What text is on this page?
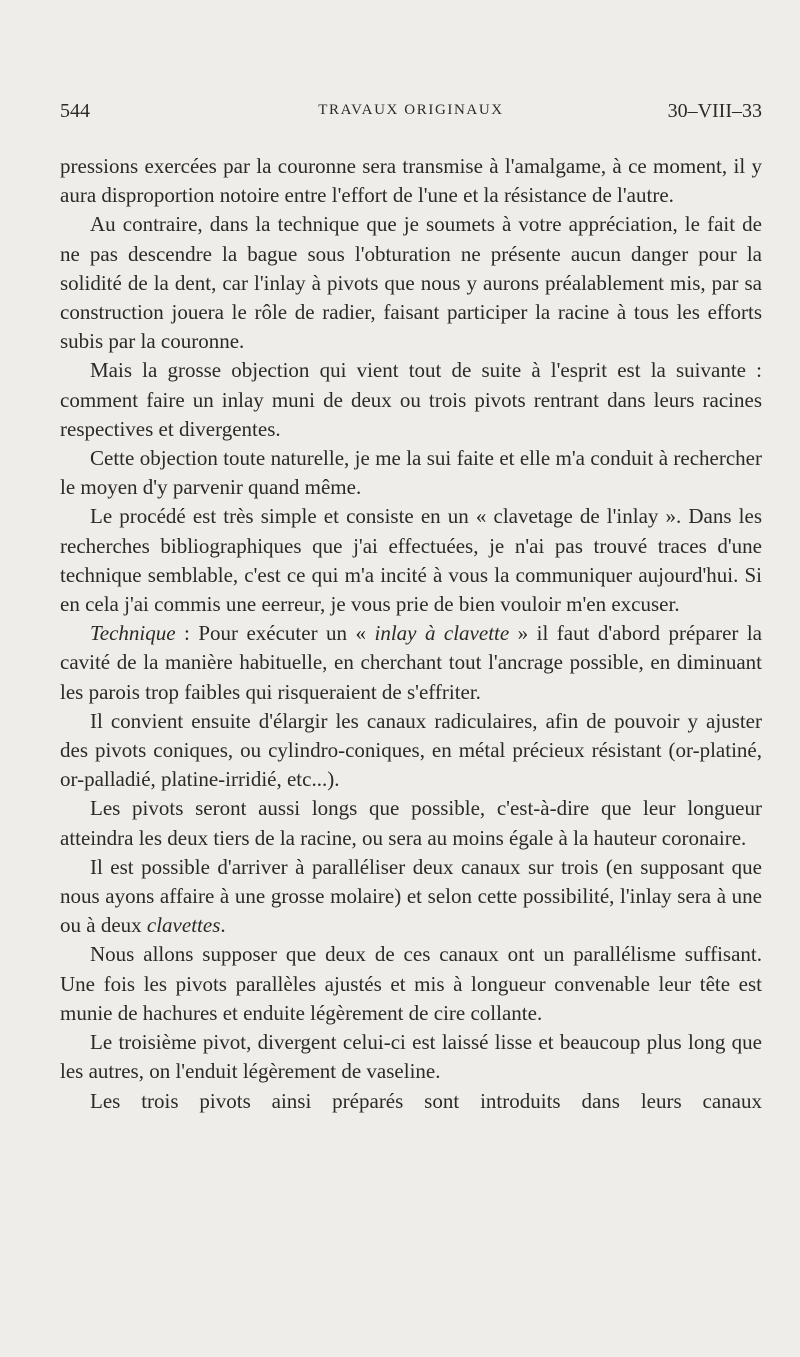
544	TRAVAUX ORIGINAUX	30–VIII–33

pressions exercées par la couronne sera transmise à l'amalgame, à ce moment, il y aura disproportion notoire entre l'effort de l'une et la résistance de l'autre.

Au contraire, dans la technique que je soumets à votre appréciation, le fait de ne pas descendre la bague sous l'obturation ne présente aucun danger pour la solidité de la dent, car l'inlay à pivots que nous y aurons préalablement mis, par sa construction jouera le rôle de radier, faisant participer la racine à tous les efforts subis par la couronne.

Mais la grosse objection qui vient tout de suite à l'esprit est la suivante : comment faire un inlay muni de deux ou trois pivots rentrant dans leurs racines respectives et divergentes.

Cette objection toute naturelle, je me la sui faite et elle m'a conduit à rechercher le moyen d'y parvenir quand même.

Le procédé est très simple et consiste en un « clavetage de l'inlay ». Dans les recherches bibliographiques que j'ai effectuées, je n'ai pas trouvé traces d'une technique semblable, c'est ce qui m'a incité à vous la communiquer aujourd'hui. Si en cela j'ai commis une eerreur, je vous prie de bien vouloir m'en excuser.

Technique : Pour exécuter un « inlay à clavette » il faut d'abord préparer la cavité de la manière habituelle, en cherchant tout l'ancrage possible, en diminuant les parois trop faibles qui risqueraient de s'effriter.

Il convient ensuite d'élargir les canaux radiculaires, afin de pouvoir y ajuster des pivots coniques, ou cylindro-coniques, en métal précieux résistant (or-platiné, or-palladié, platine-irridié, etc...).

Les pivots seront aussi longs que possible, c'est-à-dire que leur longueur atteindra les deux tiers de la racine, ou sera au moins égale à la hauteur coronaire.

Il est possible d'arriver à paralléliser deux canaux sur trois (en supposant que nous ayons affaire à une grosse molaire) et selon cette possibilité, l'inlay sera à une ou à deux clavettes.

Nous allons supposer que deux de ces canaux ont un parallélisme suffisant. Une fois les pivots parallèles ajustés et mis à longueur convenable leur tête est munie de hachures et enduite légèrement de cire collante.

Le troisième pivot, divergent celui-ci est laissé lisse et beaucoup plus long que les autres, on l'enduit légèrement de vaseline.

Les trois pivots ainsi préparés sont introduits dans leurs canaux
